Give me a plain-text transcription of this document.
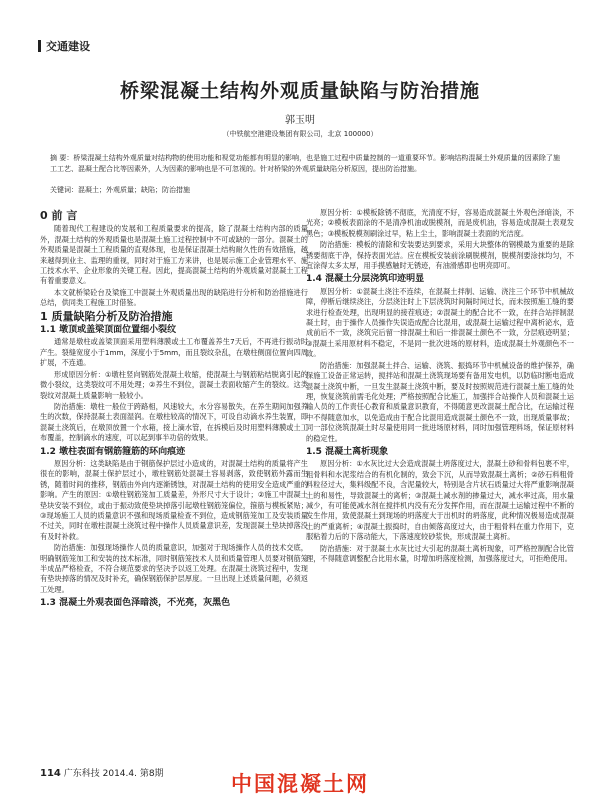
交通建设
桥梁混凝土结构外观质量缺陷与防治措施
郭玉明
（中铁航空港建设集团有限公司，北京 100000）
摘 要：桥梁混凝土结构外观质量对结构物的使用功能和视觉功能都有明显的影响，也是施工过程中质量控制的一道重要环节。影响结构混凝土外观质量的因素除了施工工艺、混凝土配合比等因素外，人为因素的影响也是不可忽视的。针对桥梁的外观质量缺陷分析原因，提出防治措施。
关键词：混凝土；外观质量；缺陷；防治措施
0 前 言

随着现代工程建设的发展和工程质量要求的提高，除了混凝土结构内部的质量外，混凝土结构的外观质量也是混凝土施工过程控制中不可或缺的一部分。混凝土的外观质量是混凝土工程质量的直观体现，也是保证混凝土结构耐久性的有效措施，越来越得到业主、监理的重视，同时对于施工方来讲，也是展示施工企业管理水平、施工技术水平、企业形象的关键工程。因此，提高混凝土结构的外观质量对混凝土工程有着重要意义。

本文就桥梁砼台及梁施工中混凝土外观质量出现的缺陷进行分析和防治措施进行总结，供同类工程施工时借鉴。

1 质量缺陷分析及防治措施
1.1 墩顶或盖梁顶面位置细小裂纹

通常是墩柱或盖梁顶面采用塑料薄膜或土工布覆盖养生7天后，不再进行振动时产生。裂缝宽度小于1mm，深度小于5mm，而且裂纹杂乱，在墩柱侧面位置向四周扩展，不连通。

形成原因分析：①墩柱竖向钢筋处混凝土收缩，使混凝土与钢筋粘结脱离引起的微小裂纹，这类裂纹可不用处理；②养生不到位，混凝土表面收缩产生的裂纹。这类裂纹对混凝土质量影响一般较小。

防治措施：墩柱一般位于跨路相，风速较大，水分容易散失，在养生期间加强养生的次数，保持混凝土表面湿润。在墩柱较高的情况下，可设自动滴水养生装置，即混凝土浇筑后，在墩顶放置一个水箱，接上滴水管，在拆模后及时用塑料薄膜或土工布覆盖，控制滴水的速度，可以起到事半功倍的效果。

1.2 墩柱表面有钢筋箍筋的环向痕迹

原因分析：这类缺陷是由于钢筋保护层过小造成的，对混凝土结构的质量将产生很在的影响，混凝土保护层过小，墩柱钢筋处混凝土容易剥落，致使钢筋外露而生锈，随着时间的推移，钢筋由外向内逐渐锈蚀，对混凝土结构的使用安全造成严重的影响。产生的原因：①墩柱钢筋笼加工质量差，外形尺寸大于设计；②施工中混凝土垫块安装不到位，或由于振动致使垫块掉落引起墩柱钢筋笼偏位，箍筋与模板紧贴；③现场施工人员的质量意识不强和现场质量检查不到位，造成钢筋笼加工及安装质量不过关，同时在墩柱混凝土浇筑过程中操作人员质量意识差，发现混凝土垫块掉落没有及时补救。

防治措施：加强现场操作人员的质量意识，加强对于现场操作人员的技术交底，明确钢筋笼加工和安装的技术标准，同时钢筋笼技术人员和质量管理人员要对钢筋笼半成品严格检查，不符合规范要求的坚决予以返工处理。在混凝土浇筑过程中，发现有垫块掉落的情况及时补充，确保钢筋保护层厚度。一旦出现上述质量问题，必须返工处理。

1.3 混凝土外观表面色泽暗淡，不光亮，灰黑色

原因分析：①模板除锈不彻底，光清度不好，容易造成混凝土外观色泽暗淡，不光亮；②模板表面涂的不是清净机油或脱模剂，而是废机油，容易造成混凝土表观发黑色；③模板脱模剂刷涂过早，粘上尘土，影响混凝土表面的光洁度。

防治措施：模板的清除和安装要达到要求，采用大块整体的钢模最为重要的是除锈要彻底干净，保持表面光洁。应在模板安装前涂刷脱模剂，脱模剂要涂抹均匀，不宜涂得太多太厚，用手摸感触时无锈迹，有油滑感即也明亮即可。

1.4 混凝土分层浇筑印迹明显

原因分析：①混凝土浇注不连续，在混凝土拌制、运输、浇注三个环节中机械故障，停断后继续浇注，分层浇注时上下层浇筑时间隔时间过长，而未按照施工缝的要求进行检查处理，出现明显的接茬痕迹；②混凝土的配合比不一致，在拌合站拌制混凝土时，由于操作人员操作失误造成配合比混用，或混凝土运输过程中离析泌水，造成前后不一致，浇筑完后留一排混凝土和后一排混凝土颜色不一致，分层痕迹明显；③混凝土采用原材料不稳定，不是同一批次进场的原材料，造成混凝土外观颜色不一致。

防治措施：加强混凝土拌合、运输、浇筑、振捣环节中机械设备的维护保养，确保施工设备正常运转，搅拌站和混凝土浇筑现场要有备用发电机，以防临时断电造成混凝土浇筑中断，一旦发生混凝土浇筑中断，要及时按照规范进行混凝土施工缝的处理，恢复浇筑前需毛化处理；严格按照配合比施工，加强拌合站操作人员和混凝土运输人员的工作责任心教育和质量意识教育，不得随意更改混凝土配合比，在运输过程中不得随意加水，以免造成由于配合比混用造成混凝土颜色不一致，出现质量事故；同一部位浇筑混凝土时尽量使用同一批进场原材料，同时加强管理料场，保证原材料的稳定性。

1.5 混凝土离析现象

原因分析：①水灰比过大会造成混凝土坍落度过大，混凝土砂和骨料包裹不牢，粗骨料和水泥浆结合的有机化制的，致会下沉，从而导致混凝土离析；②砂石料粗骨料粒径过大，集料级配不良，含泥量较大，特别是含片状石质量过大将严重影响混凝土的和易性，导致混凝土的离析；③混凝土减水剂的掺量过大，减水率过高，用水量减少，有可能使减水剂在搅拌机内没有充分发挥作用，而在混凝土运输过程中不断的发生作用，致使混凝土到现场的坍落度大于出机时的坍落度，此种情况极易造成混凝土的严重离析；④混凝土振捣时，自由倾落高度过大，由于粗骨料在重力作用下，克服粘着力后的下落动能大，下落速度较砂浆快，形成混凝土离析。

防治措施：对于混凝土水灰比过大引起的混凝土离析现象，可严格控制配合比管理，不得随意调整配合比用水量，时增加坍落度检测，加强落度过大，可拒绝使用。

114 广东科技 2014.4. 第8期	中国混凝土网
